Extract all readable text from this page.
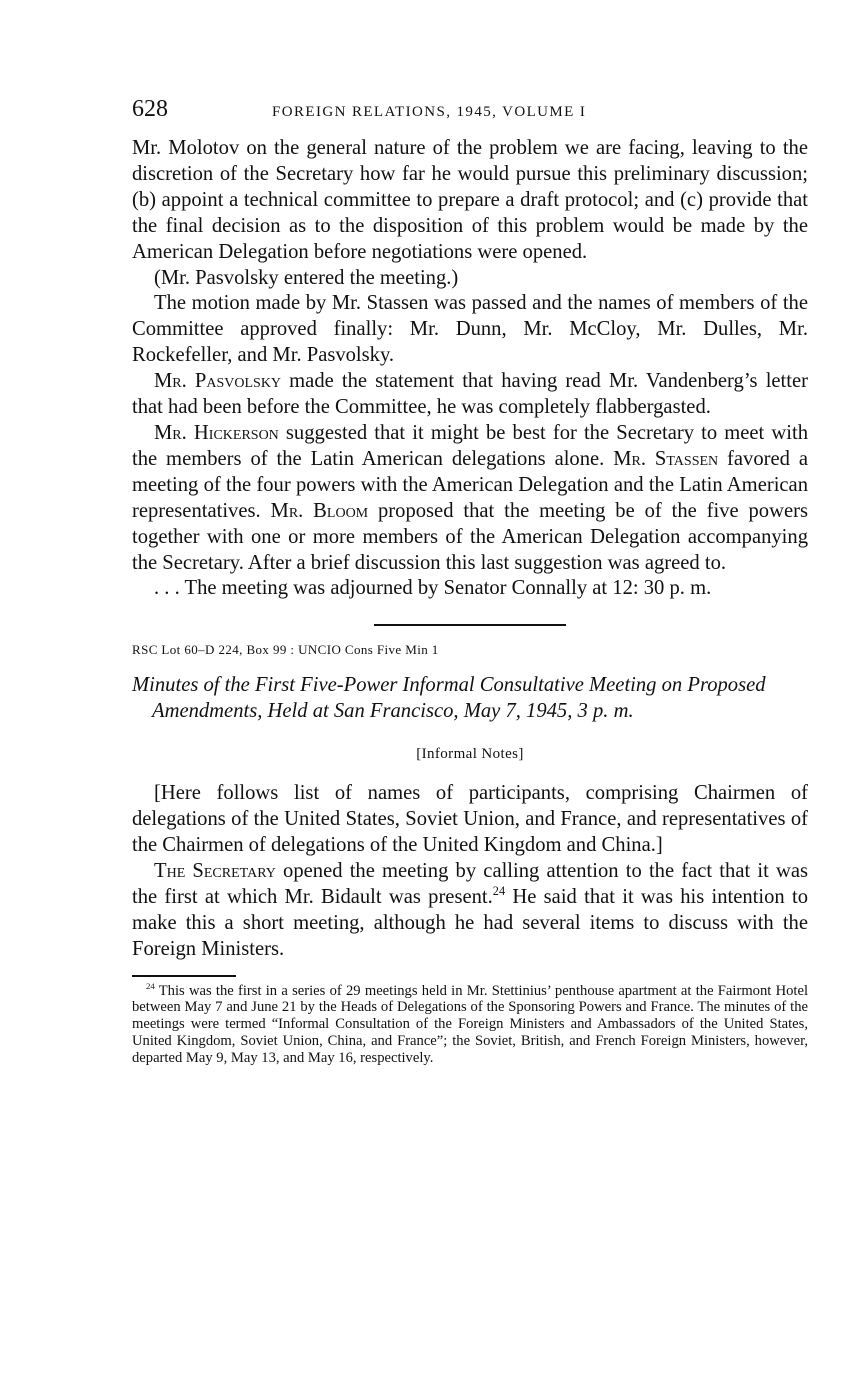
628	FOREIGN RELATIONS, 1945, VOLUME I

Mr. Molotov on the general nature of the problem we are facing, leaving to the discretion of the Secretary how far he would pursue this preliminary discussion; (b) appoint a technical committee to prepare a draft protocol; and (c) provide that the final decision as to the disposition of this problem would be made by the American Delegation before negotiations were opened.

(Mr. Pasvolsky entered the meeting.)

The motion made by Mr. Stassen was passed and the names of members of the Committee approved finally: Mr. Dunn, Mr. McCloy, Mr. Dulles, Mr. Rockefeller, and Mr. Pasvolsky.

Mr. Pasvolsky made the statement that having read Mr. Vandenberg’s letter that had been before the Committee, he was completely flabbergasted.

Mr. Hickerson suggested that it might be best for the Secretary to meet with the members of the Latin American delegations alone. Mr. Stassen favored a meeting of the four powers with the American Delegation and the Latin American representatives. Mr. Bloom proposed that the meeting be of the five powers together with one or more members of the American Delegation accompanying the Secretary. After a brief discussion this last suggestion was agreed to.

. . . The meeting was adjourned by Senator Connally at 12: 30 p. m.

RSC Lot 60–D 224, Box 99 : UNCIO Cons Five Min 1

Minutes of the First Five-Power Informal Consultative Meeting on Proposed Amendments, Held at San Francisco, May 7, 1945, 3 p. m.

[Informal Notes]

[Here follows list of names of participants, comprising Chairmen of delegations of the United States, Soviet Union, and France, and representatives of the Chairmen of delegations of the United Kingdom and China.]

The Secretary opened the meeting by calling attention to the fact that it was the first at which Mr. Bidault was present.$^{24}$ He said that it was his intention to make this a short meeting, although he had several items to discuss with the Foreign Ministers.

$^{24}$ This was the first in a series of 29 meetings held in Mr. Stettinius’ penthouse apartment at the Fairmont Hotel between May 7 and June 21 by the Heads of Delegations of the Sponsoring Powers and France. The minutes of the meetings were termed “Informal Consultation of the Foreign Ministers and Ambassadors of the United States, United Kingdom, Soviet Union, China, and France”; the Soviet, British, and French Foreign Ministers, however, departed May 9, May 13, and May 16, respectively.
